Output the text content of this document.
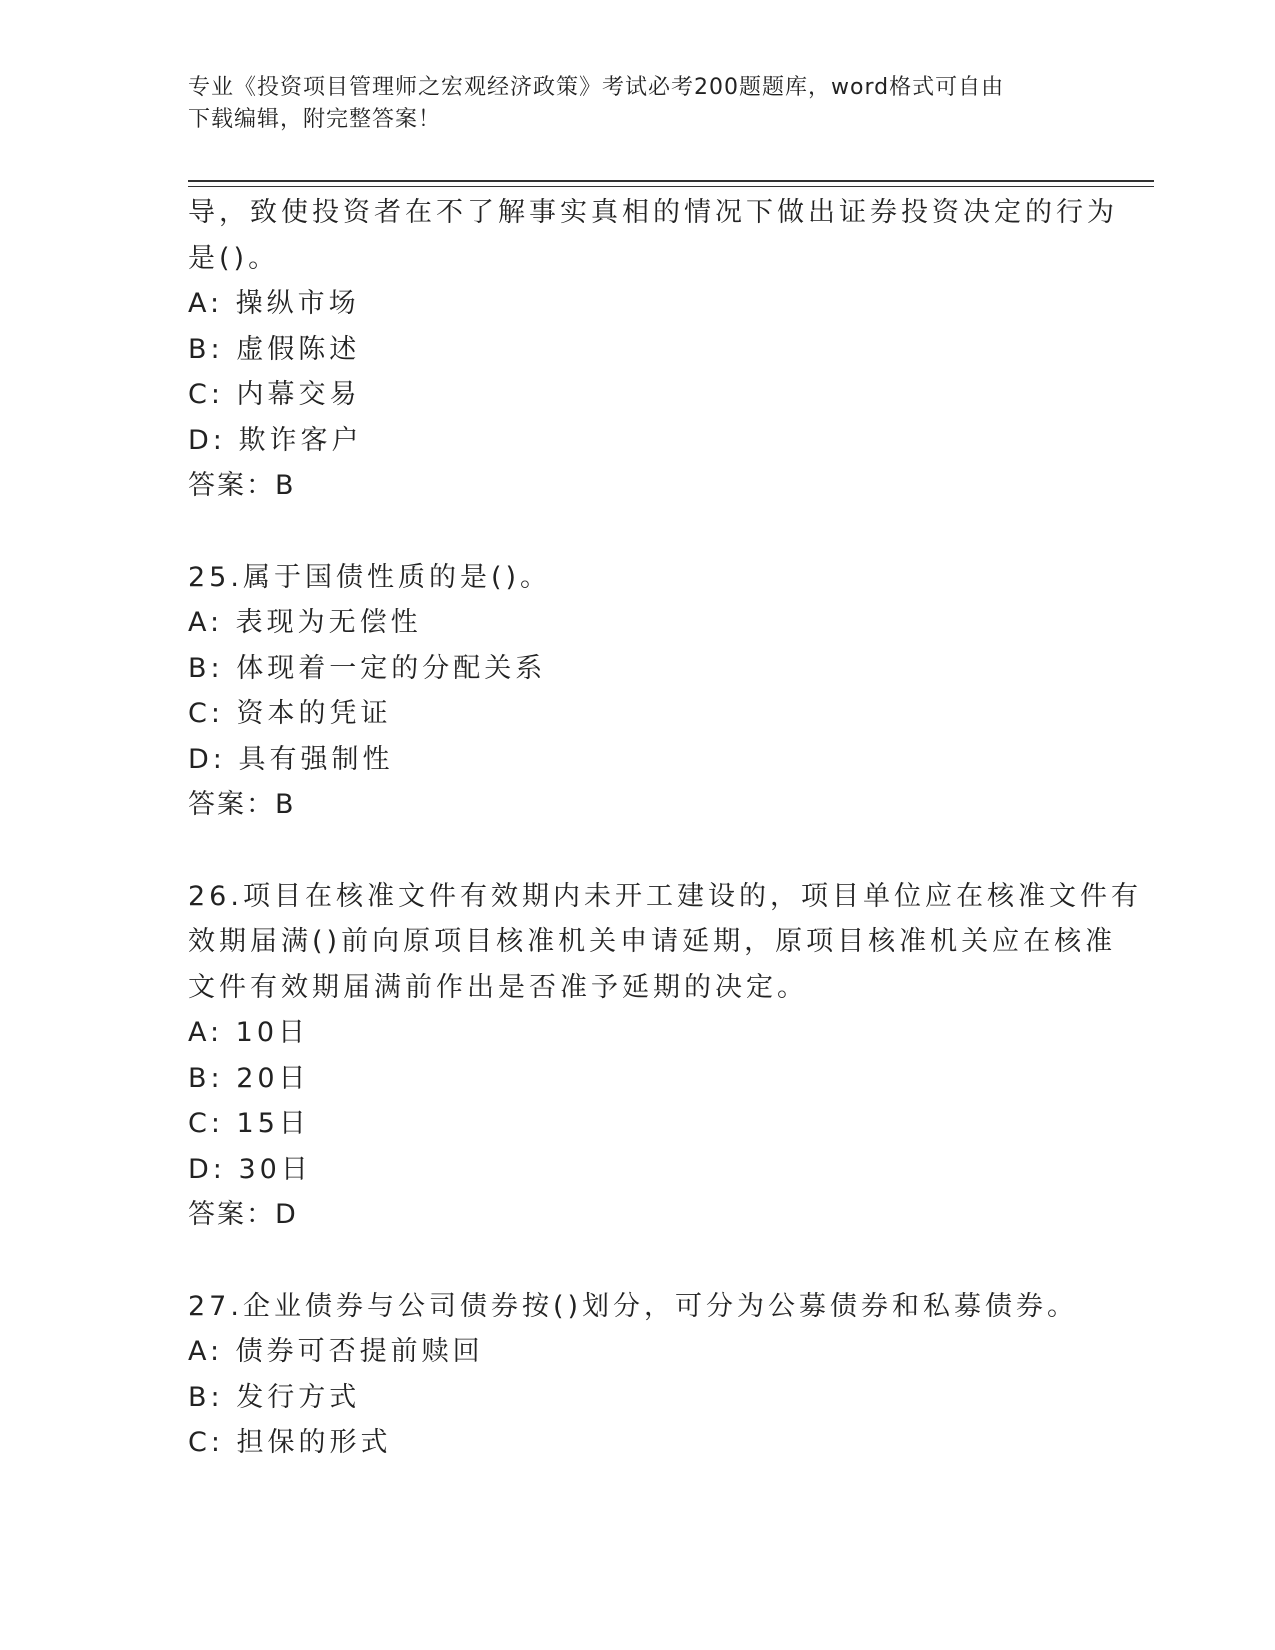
专业《投资项目管理师之宏观经济政策》考试必考200题题库，word格式可自由
下载编辑，附完整答案！
导，致使投资者在不了解事实真相的情况下做出证券投资决定的行为
是()。
A: 操纵市场
B: 虚假陈述
C: 内幕交易
D: 欺诈客户
答案：B
25.属于国债性质的是()。
A: 表现为无偿性
B: 体现着一定的分配关系
C: 资本的凭证
D: 具有强制性
答案：B
26.项目在核准文件有效期内未开工建设的，项目单位应在核准文件有
效期届满()前向原项目核准机关申请延期，原项目核准机关应在核准
文件有效期届满前作出是否准予延期的决定。
A: 10日
B: 20日
C: 15日
D: 30日
答案：D
27.企业债券与公司债券按()划分，可分为公募债券和私募债券。
A: 债券可否提前赎回
B: 发行方式
C: 担保的形式
